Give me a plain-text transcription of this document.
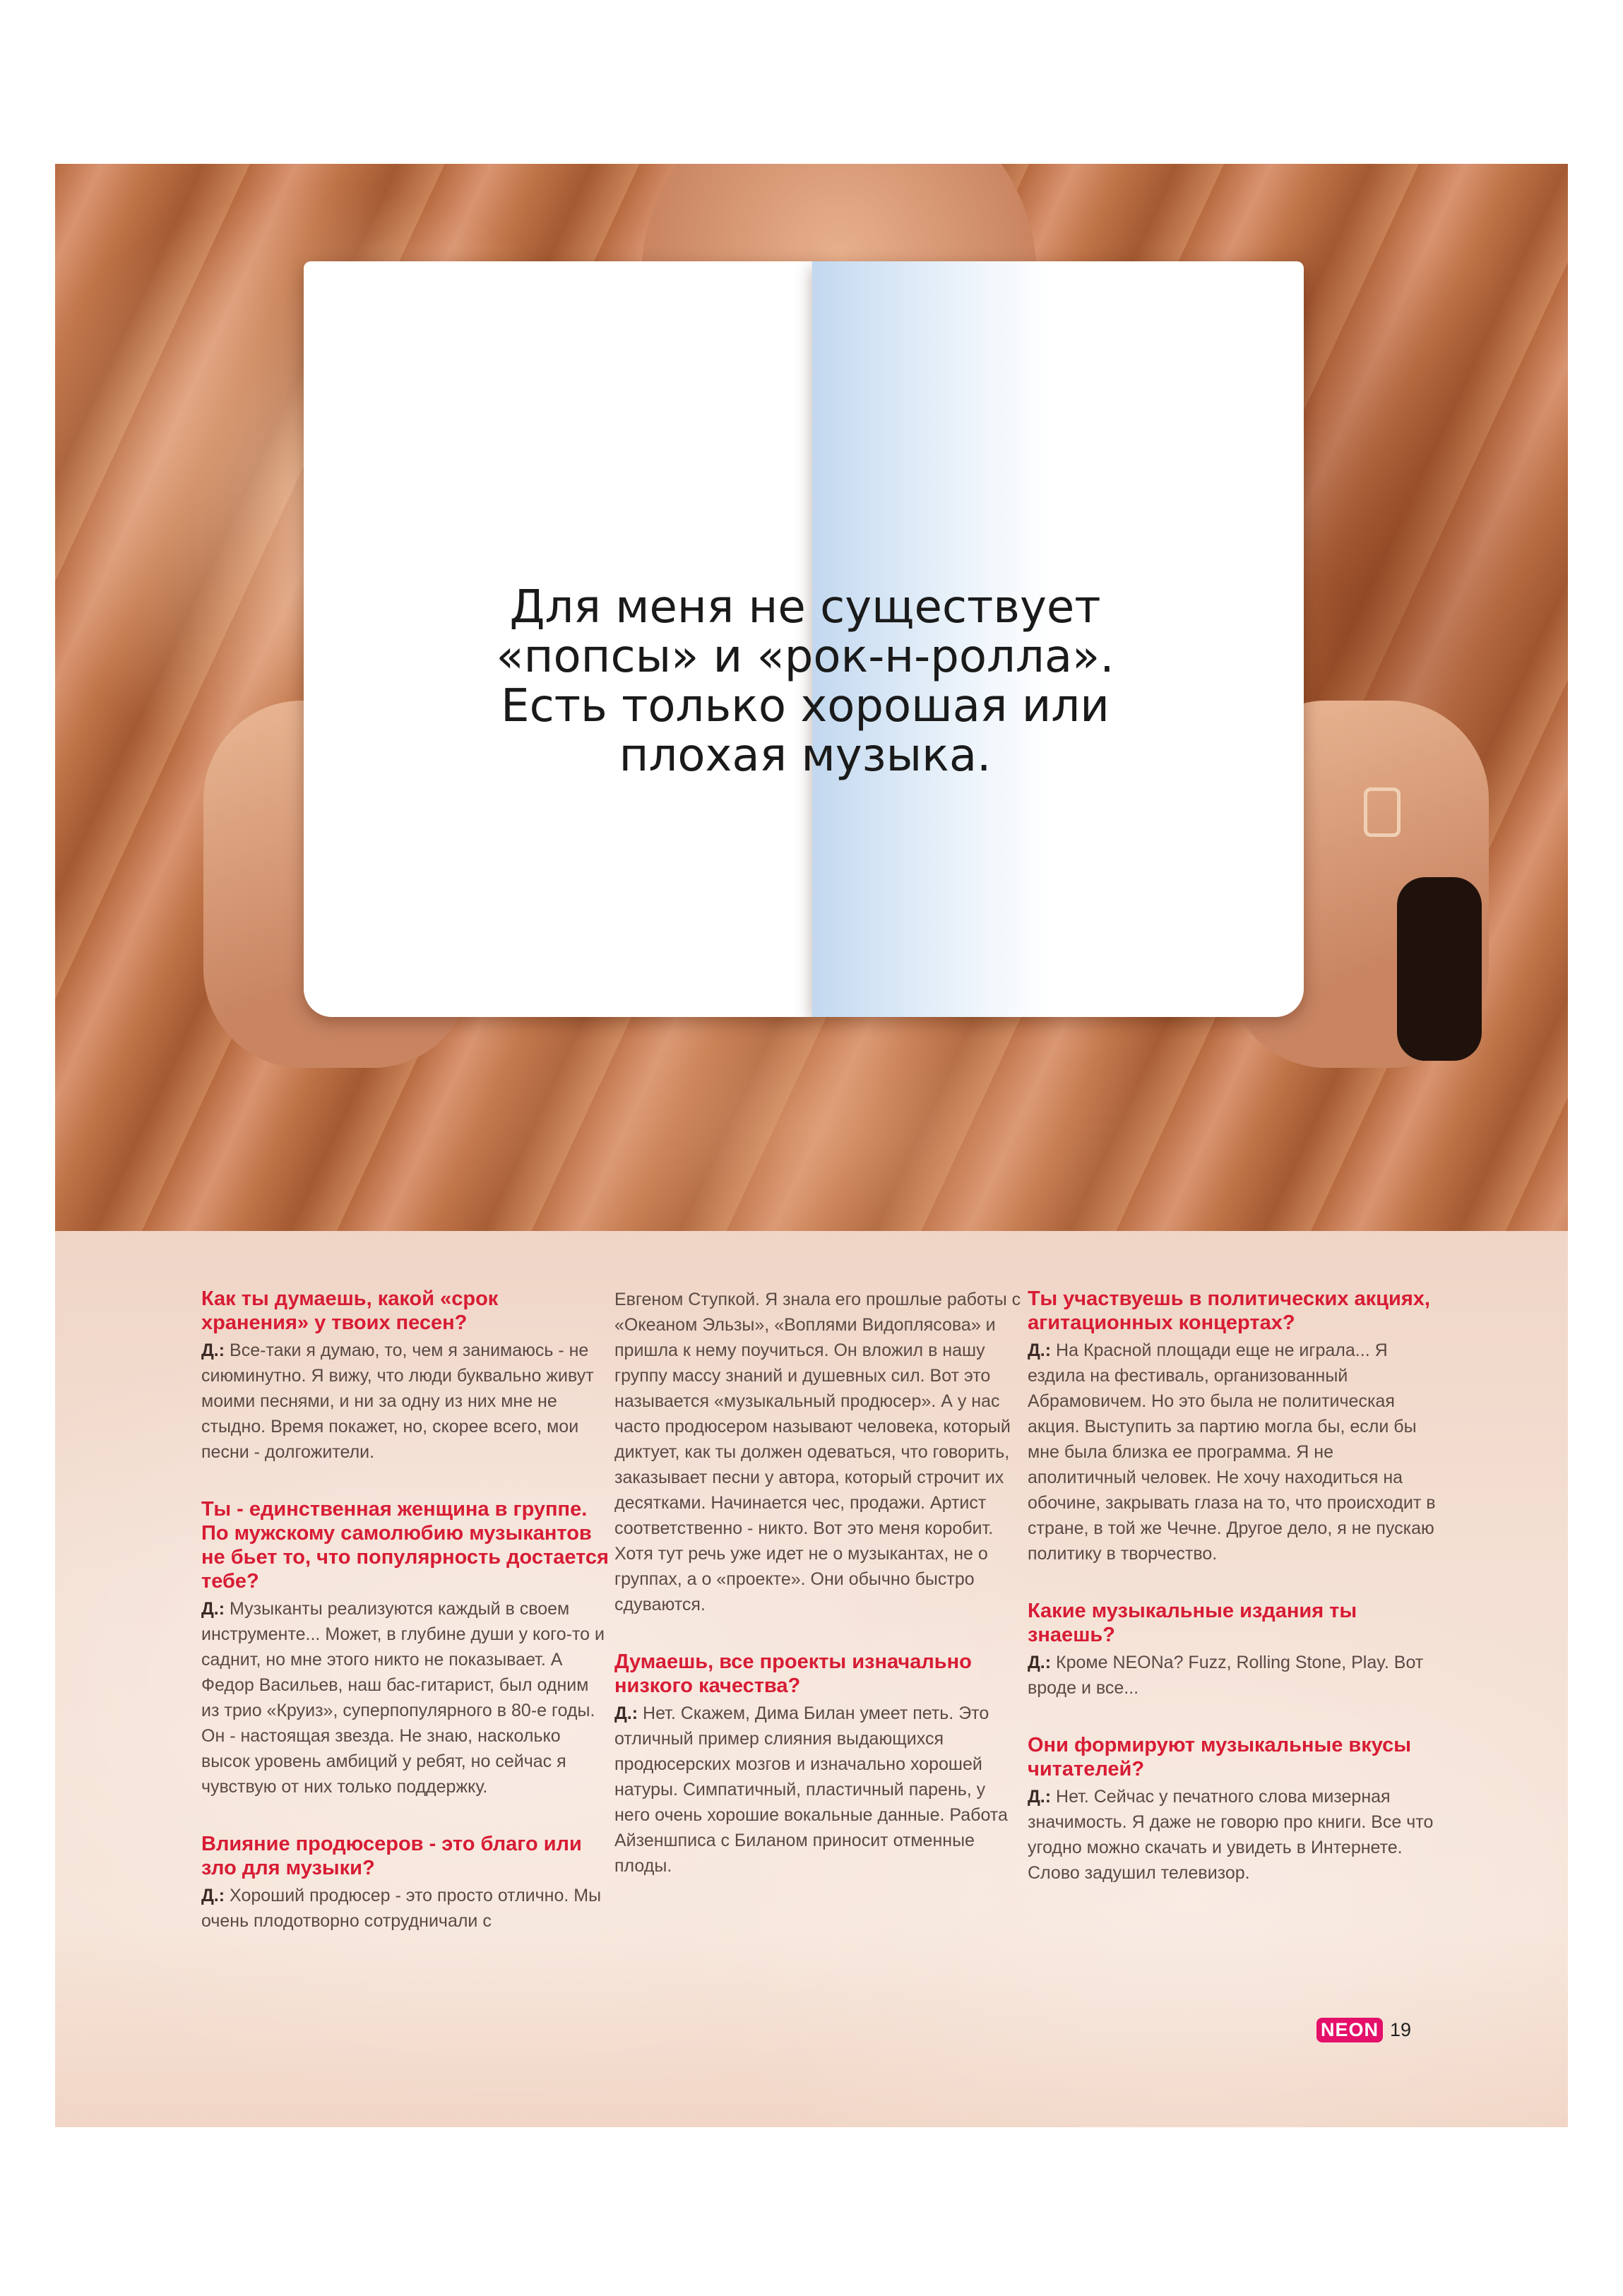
Для меня не существует «попсы» и «рок-н-ролла». Есть только хорошая или плохая музыка.

Как ты думаешь, какой «срок хранения» у твоих песен?

Д.: Все-таки я думаю, то, чем я занимаюсь - не сиюминутно. Я вижу, что люди буквально живут моими песнями, и ни за одну из них мне не стыдно. Время покажет, но, скорее всего, мои песни - долгожители.

Ты - единственная женщина в группе. По мужскому самолюбию музыкантов не бьет то, что популярность достается тебе?

Д.: Музыканты реализуются каждый в своем инструменте... Может, в глубине души у кого-то и саднит, но мне этого никто не показывает. А Федор Васильев, наш бас-гитарист, был одним из трио «Круиз», суперпопулярного в 80-е годы. Он - настоящая звезда. Не знаю, насколько высок уровень амбиций у ребят, но сейчас я чувствую от них только поддержку.

Влияние продюсеров - это благо или зло для музыки?

Д.: Хороший продюсер - это просто отлично. Мы очень плодотворно сотрудничали с

Евгеном Ступкой. Я знала его прошлые работы с «Океаном Эльзы», «Воплями Видоплясова» и пришла к нему поучиться. Он вложил в нашу группу массу знаний и душевных сил. Вот это называется «музыкальный продюсер». А у нас часто продюсером называют человека, который диктует, как ты должен одеваться, что говорить, заказывает песни у автора, который строчит их десятками. Начинается чес, продажи. Артист соответственно - никто. Вот это меня коробит. Хотя тут речь уже идет не о музыкантах, не о группах, а о «проекте». Они обычно быстро сдуваются.

Думаешь, все проекты изначально низкого качества?

Д.: Нет. Скажем, Дима Билан умеет петь. Это отличный пример слияния выдающихся продюсерских мозгов и изначально хорошей натуры. Симпатичный, пластичный парень, у него очень хорошие вокальные данные. Работа Айзеншписа с Биланом приносит отменные плоды.

Ты участвуешь в политических акциях, агитационных концертах?

Д.: На Красной площади еще не играла... Я ездила на фестиваль, организованный Абрамовичем. Но это была не политическая акция. Выступить за партию могла бы, если бы мне была близка ее программа. Я не аполитичный человек. Не хочу находиться на обочине, закрывать глаза на то, что происходит в стране, в той же Чечне. Другое дело, я не пускаю политику в творчество.

Какие музыкальные издания ты знаешь?

Д.: Кроме NEONа? Fuzz, Rolling Stone, Play. Вот вроде и все...

Они формируют музыкальные вкусы читателей?

Д.: Нет. Сейчас у печатного слова мизерная значимость. Я даже не говорю про книги. Все что угодно можно скачать и увидеть в Интернете. Слово задушил телевизор.

NEON 19
